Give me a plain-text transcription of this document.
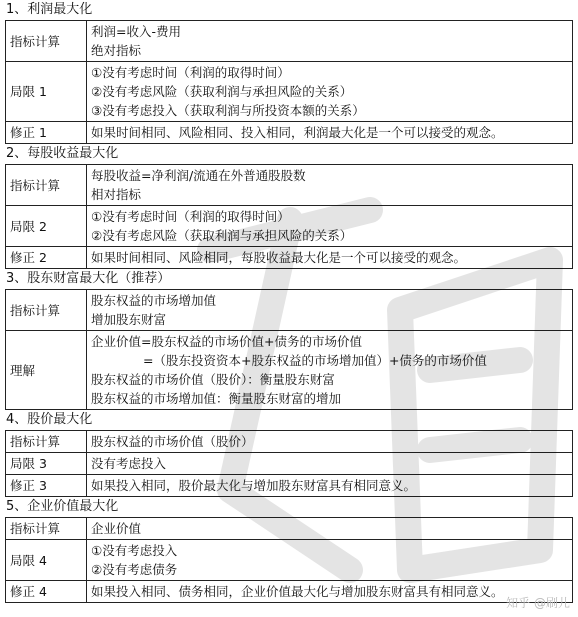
1、利润最大化
指标计算	利润=收入-费用
绝对指标

局限 1	①没有考虑时间（利润的取得时间）
②没有考虑风险（获取利润与承担风险的关系）
③没有考虑投入（获取利润与所投资本额的关系）

修正 1	如果时间相同、风险相同、投入相同，利润最大化是一个可以接受的观念。
2、每股收益最大化
指标计算	每股收益=净利润/流通在外普通股股数
相对指标

局限 2	①没有考虑时间（利润的取得时间）
②没有考虑风险（获取利润与承担风险的关系）

修正 2	如果时间相同、风险相同，每股收益最大化是一个可以接受的观念。
3、股东财富最大化（推荐）
指标计算	股东权益的市场增加值
增加股东财富

理解	企业价值=股东权益的市场价值+债务的市场价值
=（股东投资资本+股东权益的市场增加值）+债务的市场价值
股东权益的市场价值（股价）：衡量股东财富
股东权益的市场增加值：衡量股东财富的增加
4、股价最大化
指标计算	股东权益的市场价值（股价）

局限 3	没有考虑投入

修正 3	如果投入相同，股价最大化与增加股东财富具有相同意义。
5、企业价值最大化
指标计算	企业价值

局限 4	①没有考虑投入
②没有考虑债务

修正 4	如果投入相同、债务相同，企业价值最大化与增加股东财富具有相同意义。
知乎 @刷儿
